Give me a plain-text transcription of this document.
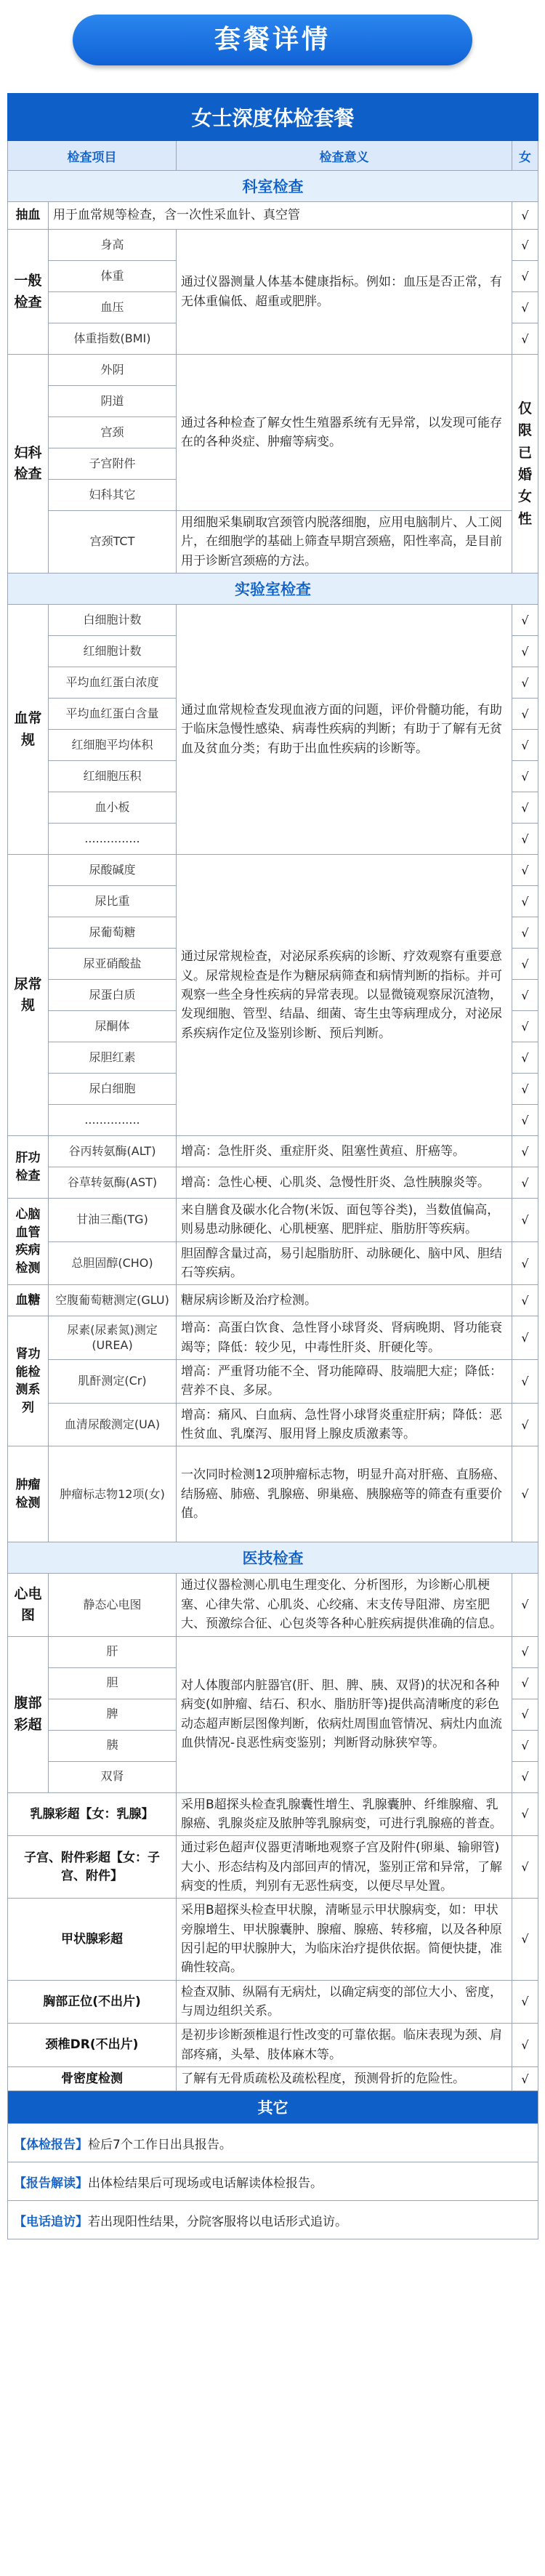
套餐详情
女士深度体检套餐			
检查项目		检查意义	女
科室检查			
抽血	用于血常规等检查，含一次性采血针、真空管		√
一般检查	身高	通过仪器测量人体基本健康指标。例如：血压是否正常，有无体重偏低、超重或肥胖。	√
	体重		√
	血压		√
	体重指数(BMI)		√
妇科检查	外阴	通过各种检查了解女性生殖器系统有无异常，以发现可能存在的各种炎症、肿瘤等病变。	仅限已婚女性
	阴道		
	宫颈		
	子宫附件		
	妇科其它		
	宫颈TCT	用细胞采集刷取宫颈管内脱落细胞，应用电脑制片、人工阅片，在细胞学的基础上筛查早期宫颈癌，阳性率高，是目前用于诊断宫颈癌的方法。	
实验室检查			
血常规	白细胞计数	通过血常规检查发现血液方面的问题，评价骨髓功能，有助于临床急慢性感染、病毒性疾病的判断；有助于了解有无贫血及贫血分类；有助于出血性疾病的诊断等。	√
	红细胞计数		√
	平均血红蛋白浓度		√
	平均血红蛋白含量		√
	红细胞平均体积		√
	红细胞压积		√
	血小板		√
	...............		√
尿常规	尿酸碱度	通过尿常规检查，对泌尿系疾病的诊断、疗效观察有重要意义。尿常规检查是作为糖尿病筛查和病情判断的指标。并可观察一些全身性疾病的异常表现。以显微镜观察尿沉渣物，发现细胞、管型、结晶、细菌、寄生虫等病理成分，对泌尿系疾病作定位及鉴别诊断、预后判断。	√
	尿比重		√
	尿葡萄糖		√
	尿亚硝酸盐		√
	尿蛋白质		√
	尿酮体		√
	尿胆红素		√
	尿白细胞		√
	...............		√
肝功检查	谷丙转氨酶(ALT)	增高：急性肝炎、重症肝炎、阻塞性黄疸、肝癌等。	√
	谷草转氨酶(AST)	增高：急性心梗、心肌炎、急慢性肝炎、急性胰腺炎等。	√
心脑血管疾病检测	甘油三酯(TG)	来自膳食及碳水化合物(米饭、面包等谷类)，当数值偏高，则易患动脉硬化、心肌梗塞、肥胖症、脂肪肝等疾病。	√
	总胆固醇(CHO)	胆固醇含量过高，易引起脂肪肝、动脉硬化、脑中风、胆结石等疾病。	√
血糖	空腹葡萄糖测定(GLU)	糖尿病诊断及治疗检测。	√
肾功能检测系列	尿素(尿素氮)测定(UREA)	增高：高蛋白饮食、急性肾小球肾炎、肾病晚期、肾功能衰竭等；降低：较少见，中毒性肝炎、肝硬化等。	√
	肌酐测定(Cr)	增高：严重肾功能不全、肾功能障碍、肢端肥大症；降低：营养不良、多尿。	√
	血清尿酸测定(UA)	增高：痛风、白血病、急性肾小球肾炎重症肝病；降低：恶性贫血、乳糜泻、服用肾上腺皮质激素等。	√
肿瘤检测	肿瘤标志物12项(女)	一次同时检测12项肿瘤标志物，明显升高对肝癌、直肠癌、结肠癌、肺癌、乳腺癌、卵巢癌、胰腺癌等的筛查有重要价值。	√
医技检查			
心电图	静态心电图	通过仪器检测心肌电生理变化、分析图形，为诊断心肌梗塞、心律失常、心肌炎、心绞痛、末支传导阻滞、房室肥大、预激综合征、心包炎等各种心脏疾病提供准确的信息。	√
腹部彩超	肝	对人体腹部内脏器官(肝、胆、脾、胰、双肾)的状况和各种病变(如肿瘤、结石、积水、脂肪肝等)提供高清晰度的彩色动态超声断层图像判断，依病灶周围血管情况、病灶内血流血供情况-良恶性病变鉴别；判断肾动脉狭窄等。	√
	胆		√
	脾		√
	胰		√
	双肾		√
乳腺彩超【女：乳腺】		采用B超探头检查乳腺囊性增生、乳腺囊肿、纤维腺瘤、乳腺癌、乳腺炎症及脓肿等乳腺病变，可进行乳腺癌的普查。	√
子宫、附件彩超【女：子宫、附件】		通过彩色超声仪器更清晰地观察子宫及附件(卵巢、输卵管)大小、形态结构及内部回声的情况，鉴别正常和异常，了解病变的性质，判别有无恶性病变，以便尽早处置。	√
甲状腺彩超		采用B超探头检查甲状腺，清晰显示甲状腺病变，如：甲状旁腺增生、甲状腺囊肿、腺瘤、腺癌、转移瘤，以及各种原因引起的甲状腺肿大，为临床治疗提供依据。简便快捷，准确性较高。	√
胸部正位(不出片)		检查双肺、纵隔有无病灶，以确定病变的部位大小、密度，与周边组织关系。	√
颈椎DR(不出片)		是初步诊断颈椎退行性改变的可靠依据。临床表现为颈、肩部疼痛，头晕、肢体麻木等。	√
骨密度检测		了解有无骨质疏松及疏松程度，预测骨折的危险性。	√
其它			
【体检报告】检后7个工作日出具报告。			
【报告解读】出体检结果后可现场或电话解读体检报告。			
【电话追访】若出现阳性结果，分院客服将以电话形式追访。			
